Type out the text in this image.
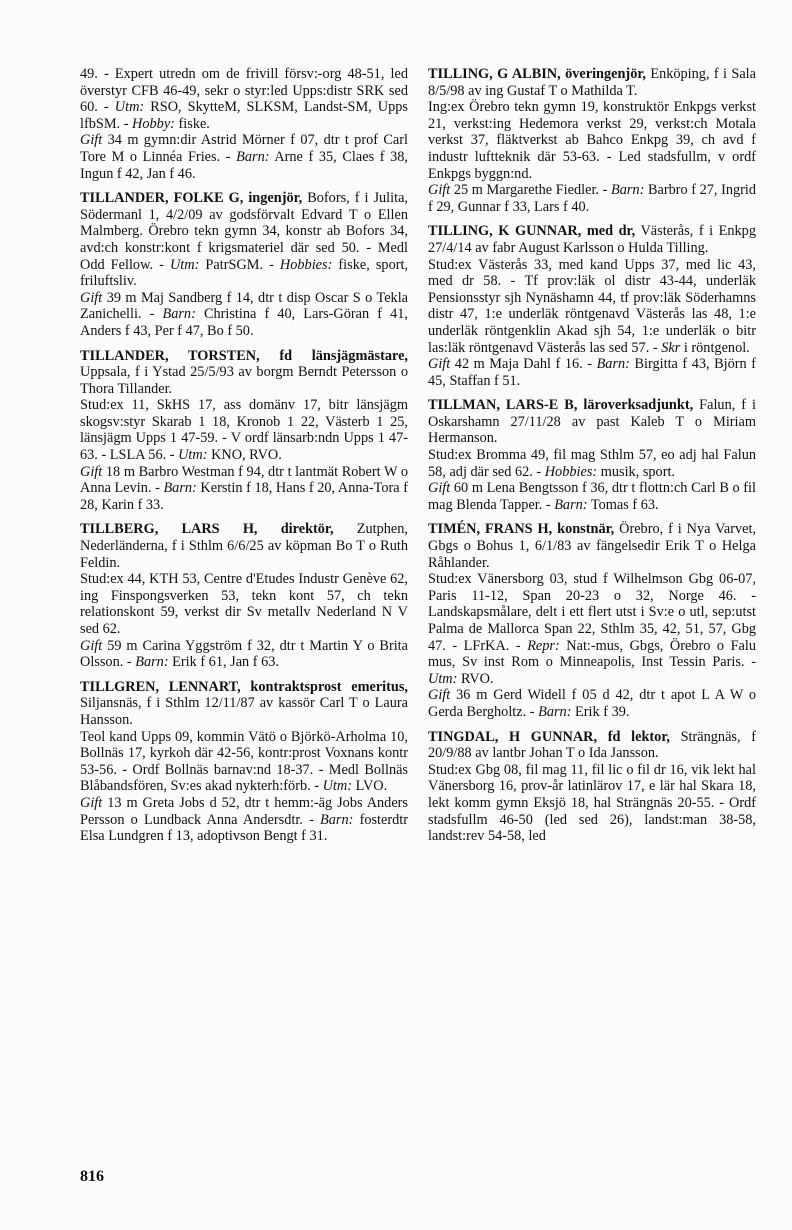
49. - Expert utredn om de frivill försv:-org 48-51, led överstyr CFB 46-49, sekr o styr:led Upps:distr SRK sed 60. - Utm: RSO, SkytteM, SLKSM, Landst-SM, Upps lfbSM. - Hobby: fiske.

Gift 34 m gymn:dir Astrid Mörner f 07, dtr t prof Carl Tore M o Linnéa Fries. - Barn: Arne f 35, Claes f 38, Ingun f 42, Jan f 46.

TILLANDER, FOLKE G, ingenjör, Bofors, f i Julita, Södermanl 1, 4/2/09 av godsförvalt Edvard T o Ellen Malmberg. Örebro tekn gymn 34, konstr ab Bofors 34, avd:ch konstr:kont f krigsmateriel där sed 50. - Medl Odd Fellow. - Utm: PatrSGM. - Hobbies: fiske, sport, friluftsliv.

Gift 39 m Maj Sandberg f 14, dtr t disp Oscar S o Tekla Zanichelli. - Barn: Christina f 40, Lars-Göran f 41, Anders f 43, Per f 47, Bo f 50.

TILLANDER, TORSTEN, fd länsjägmästare, Uppsala, f i Ystad 25/5/93 av borgm Berndt Petersson o Thora Tillander.

Stud:ex 11, SkHS 17, ass domänv 17, bitr länsjägm skogsv:styr Skarab 1 18, Kronob 1 22, Västerb 1 25, länsjägm Upps 1 47-59. - V ordf länsarb:ndn Upps 1 47-63. - LSLA 56. - Utm: KNO, RVO.

Gift 18 m Barbro Westman f 94, dtr t lantmät Robert W o Anna Levin. - Barn: Kerstin f 18, Hans f 20, Anna-Tora f 28, Karin f 33.

TILLBERG, LARS H, direktör, Zutphen, Nederländerna, f i Sthlm 6/6/25 av köpman Bo T o Ruth Feldin.

Stud:ex 44, KTH 53, Centre d'Etudes Industr Genève 62, ing Finspongsverken 53, tekn kont 57, ch tekn relationskont 59, verkst dir Sv metallv Nederland N V sed 62.

Gift 59 m Carina Yggström f 32, dtr t Martin Y o Brita Olsson. - Barn: Erik f 61, Jan f 63.

TILLGREN, LENNART, kontraktsprost emeritus, Siljansnäs, f i Sthlm 12/11/87 av kassör Carl T o Laura Hansson.

Teol kand Upps 09, kommin Vätö o Björkö-Arholma 10, Bollnäs 17, kyrkoh där 42-56, kontr:prost Voxnans kontr 53-56. - Ordf Bollnäs barnav:nd 18-37. - Medl Bollnäs Blåbandsfören, Sv:es akad nykterh:förb. - Utm: LVO.

Gift 13 m Greta Jobs d 52, dtr t hemm:-äg Jobs Anders Persson o Lundback Anna Andersdtr. - Barn: fosterdtr Elsa Lundgren f 13, adoptivson Bengt f 31.

TILLING, G ALBIN, överingenjör, Enköping, f i Sala 8/5/98 av ing Gustaf T o Mathilda T.

Ing:ex Örebro tekn gymn 19, konstruktör Enkpgs verkst 21, verkst:ing Hedemora verkst 29, verkst:ch Motala verkst 37, fläktverkst ab Bahco Enkpg 39, ch avd f industr luftteknik där 53-63. - Led stadsfullm, v ordf Enkpgs byggn:nd.

Gift 25 m Margarethe Fiedler. - Barn: Barbro f 27, Ingrid f 29, Gunnar f 33, Lars f 40.

TILLING, K GUNNAR, med dr, Västerås, f i Enkpg 27/4/14 av fabr August Karlsson o Hulda Tilling.

Stud:ex Västerås 33, med kand Upps 37, med lic 43, med dr 58. - Tf prov:läk ol distr 43-44, underläk Pensionsstyr sjh Nynäshamn 44, tf prov:läk Söderhamns distr 47, 1:e underläk röntgenavd Västerås las 48, 1:e underläk röntgenklin Akad sjh 54, 1:e underläk o bitr las:läk röntgenavd Västerås las sed 57. - Skr i röntgenol.

Gift 42 m Maja Dahl f 16. - Barn: Birgitta f 43, Björn f 45, Staffan f 51.

TILLMAN, LARS-E B, läroverksadjunkt, Falun, f i Oskarshamn 27/11/28 av past Kaleb T o Miriam Hermanson.

Stud:ex Bromma 49, fil mag Sthlm 57, eo adj hal Falun 58, adj där sed 62. - Hobbies: musik, sport.

Gift 60 m Lena Bengtsson f 36, dtr t flottn:ch Carl B o fil mag Blenda Tapper. - Barn: Tomas f 63.

TIMÉN, FRANS H, konstnär, Örebro, f i Nya Varvet, Gbgs o Bohus 1, 6/1/83 av fängelsedir Erik T o Helga Råhlander.

Stud:ex Vänersborg 03, stud f Wilhelmson Gbg 06-07, Paris 11-12, Span 20-23 o 32, Norge 46. - Landskapsmålare, delt i ett flert utst i Sv:e o utl, sep:utst Palma de Mallorca Span 22, Sthlm 35, 42, 51, 57, Gbg 47. - LFrKA. - Repr: Nat:-mus, Gbgs, Örebro o Falu mus, Sv inst Rom o Minneapolis, Inst Tessin Paris. - Utm: RVO.

Gift 36 m Gerd Widell f 05 d 42, dtr t apot L A W o Gerda Bergholtz. - Barn: Erik f 39.

TINGDAL, H GUNNAR, fd lektor, Strängnäs, f 20/9/88 av lantbr Johan T o Ida Jansson.

Stud:ex Gbg 08, fil mag 11, fil lic o fil dr 16, vik lekt hal Vänersborg 16, prov-år latinlärov 17, e lär hal Skara 18, lekt komm gymn Eksjö 18, hal Strängnäs 20-55. - Ordf stadsfullm 46-50 (led sed 26), landst:man 38-58, landst:rev 54-58, led

816
